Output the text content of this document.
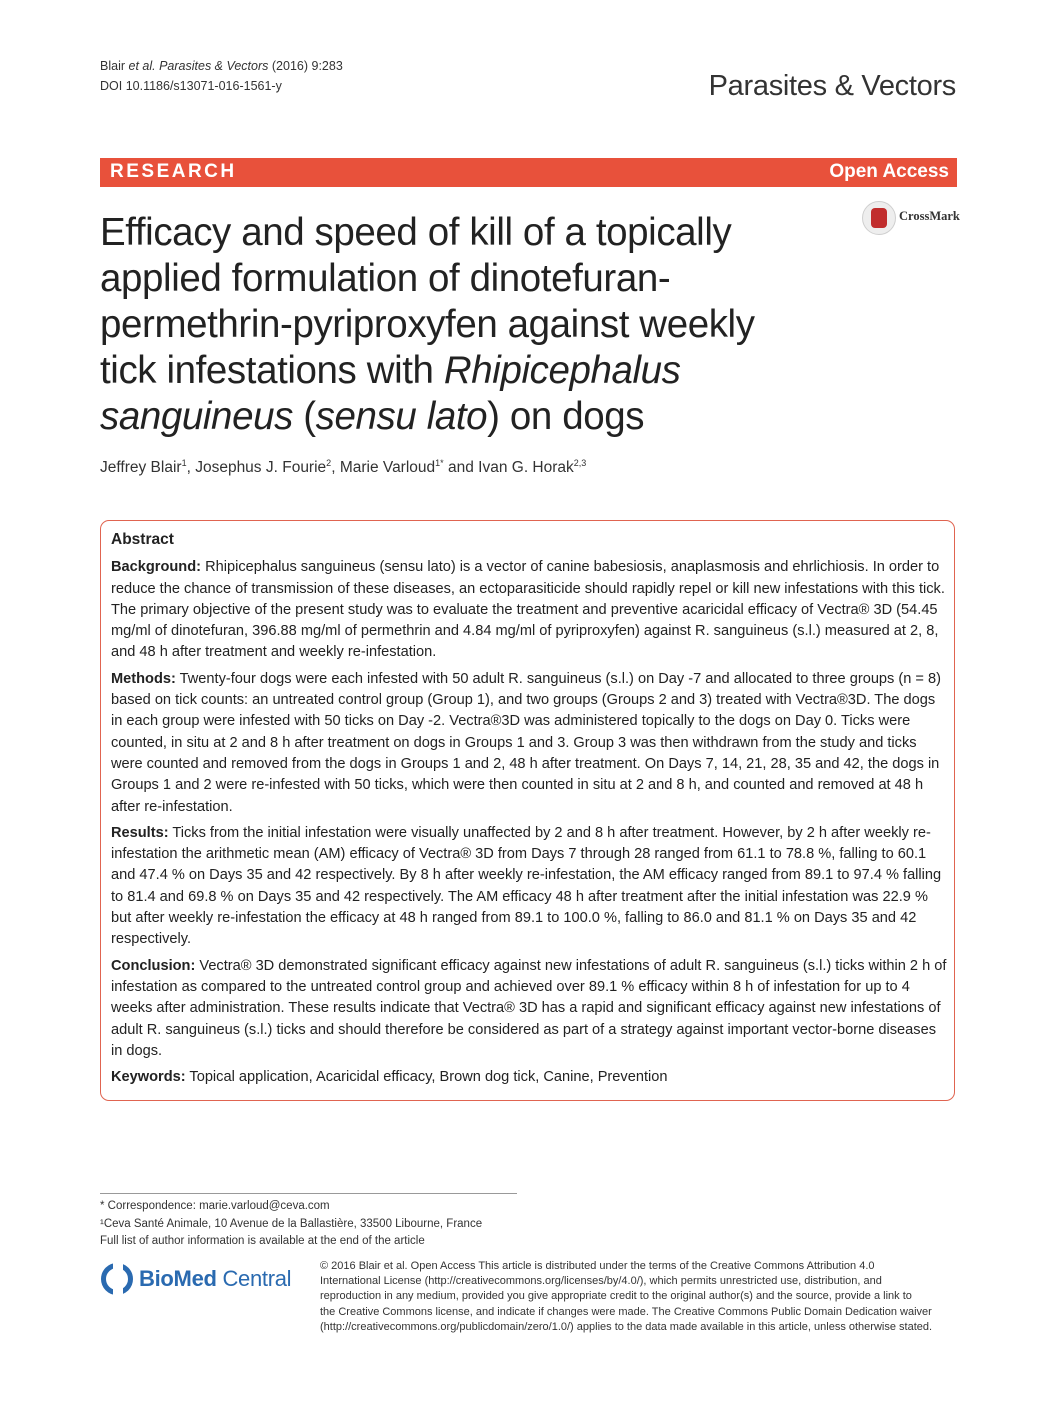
Blair et al. Parasites & Vectors (2016) 9:283
DOI 10.1186/s13071-016-1561-y	Parasites & Vectors
RESEARCH	Open Access
CrossMark
Efficacy and speed of kill of a topically
applied formulation of dinotefuran-
permethrin-pyriproxyfen against weekly
tick infestations with Rhipicephalus
sanguineus (sensu lato) on dogs
Jeffrey Blair$^1$, Josephus J. Fourie$^2$, Marie Varloud$^{1*}$ and Ivan G. Horak$^{2,3}$
Abstract

Background: Rhipicephalus sanguineus (sensu lato) is a vector of canine babesiosis, anaplasmosis and ehrlichiosis. In order to reduce the chance of transmission of these diseases, an ectoparasiticide should rapidly repel or kill new infestations with this tick. The primary objective of the present study was to evaluate the treatment and preventive acaricidal efficacy of Vectra® 3D (54.45 mg/ml of dinotefuran, 396.88 mg/ml of permethrin and 4.84 mg/ml of pyriproxyfen) against R. sanguineus (s.l.) measured at 2, 8, and 48 h after treatment and weekly re-infestation.

Methods: Twenty-four dogs were each infested with 50 adult R. sanguineus (s.l.) on Day -7 and allocated to three groups (n = 8) based on tick counts: an untreated control group (Group 1), and two groups (Groups 2 and 3) treated with Vectra®3D. The dogs in each group were infested with 50 ticks on Day -2. Vectra®3D was administered topically to the dogs on Day 0. Ticks were counted, in situ at 2 and 8 h after treatment on dogs in Groups 1 and 3. Group 3 was then withdrawn from the study and ticks were counted and removed from the dogs in Groups 1 and 2, 48 h after treatment. On Days 7, 14, 21, 28, 35 and 42, the dogs in Groups 1 and 2 were re-infested with 50 ticks, which were then counted in situ at 2 and 8 h, and counted and removed at 48 h after re-infestation.

Results: Ticks from the initial infestation were visually unaffected by 2 and 8 h after treatment. However, by 2 h after weekly re-infestation the arithmetic mean (AM) efficacy of Vectra® 3D from Days 7 through 28 ranged from 61.1 to 78.8 %, falling to 60.1 and 47.4 % on Days 35 and 42 respectively. By 8 h after weekly re-infestation, the AM efficacy ranged from 89.1 to 97.4 % falling to 81.4 and 69.8 % on Days 35 and 42 respectively. The AM efficacy 48 h after treatment after the initial infestation was 22.9 % but after weekly re-infestation the efficacy at 48 h ranged from 89.1 to 100.0 %, falling to 86.0 and 81.1 % on Days 35 and 42 respectively.

Conclusion: Vectra® 3D demonstrated significant efficacy against new infestations of adult R. sanguineus (s.l.) ticks within 2 h of infestation as compared to the untreated control group and achieved over 89.1 % efficacy within 8 h of infestation for up to 4 weeks after administration. These results indicate that Vectra® 3D has a rapid and significant efficacy against new infestations of adult R. sanguineus (s.l.) ticks and should therefore be considered as part of a strategy against important vector-borne diseases in dogs.

Keywords: Topical application, Acaricidal efficacy, Brown dog tick, Canine, Prevention

* Correspondence: marie.varloud@ceva.com
¹Ceva Santé Animale, 10 Avenue de la Ballastière, 33500 Libourne, France
Full list of author information is available at the end of the article
BioMed Central	© 2016 Blair et al. Open Access This article is distributed under the terms of the Creative Commons Attribution 4.0
International License (http://creativecommons.org/licenses/by/4.0/), which permits unrestricted use, distribution, and
reproduction in any medium, provided you give appropriate credit to the original author(s) and the source, provide a link to
the Creative Commons license, and indicate if changes were made. The Creative Commons Public Domain Dedication waiver
(http://creativecommons.org/publicdomain/zero/1.0/) applies to the data made available in this article, unless otherwise stated.
